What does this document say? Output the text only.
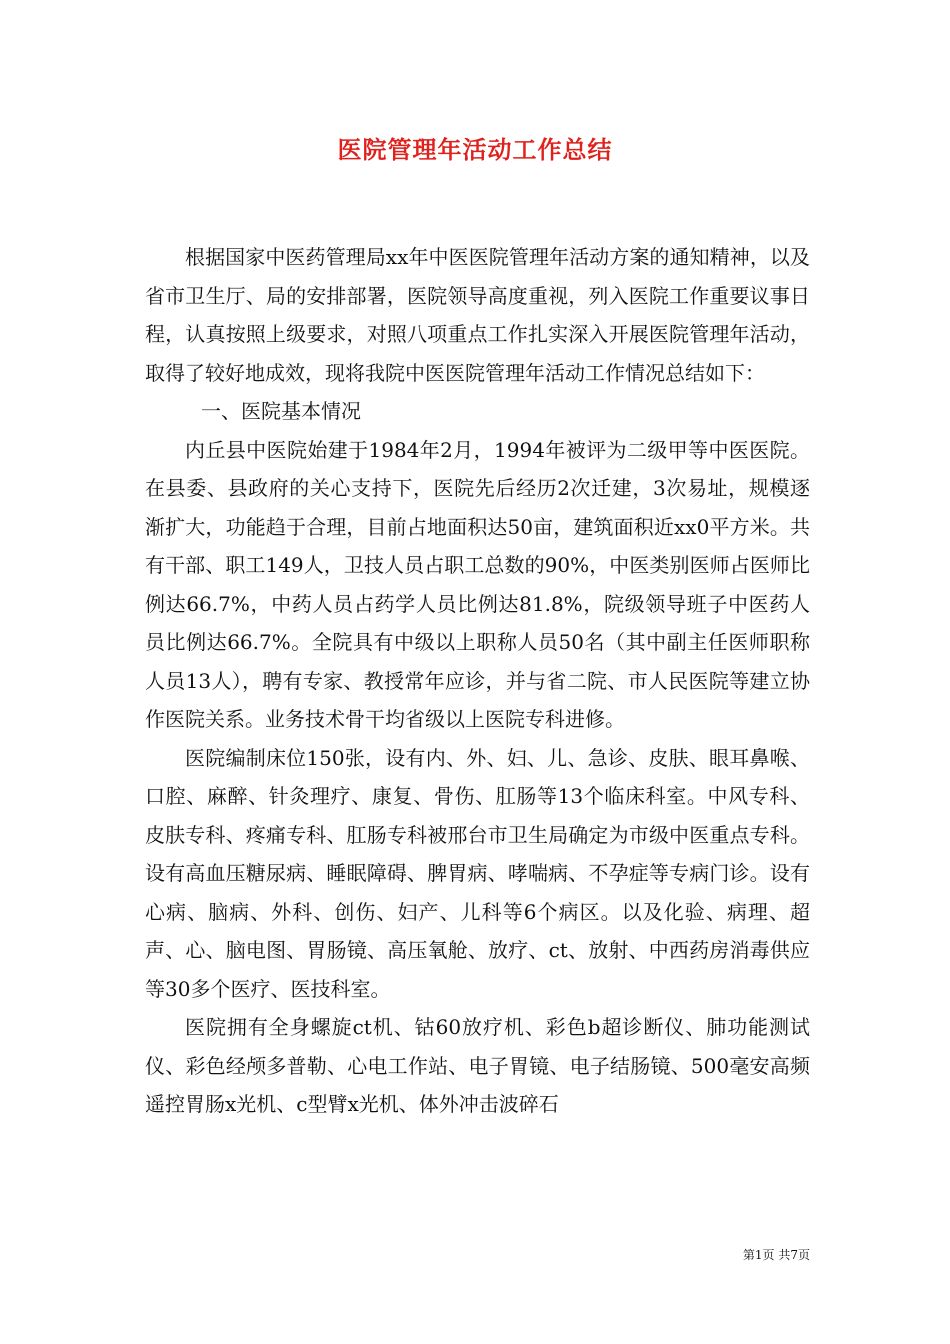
医院管理年活动工作总结

根据国家中医药管理局xx年中医医院管理年活动方案的通知精神，以及省市卫生厅、局的安排部署，医院领导高度重视，列入医院工作重要议事日程，认真按照上级要求，对照八项重点工作扎实深入开展医院管理年活动，取得了较好地成效，现将我院中医医院管理年活动工作情况总结如下：

一、医院基本情况

内丘县中医院始建于1984年2月，1994年被评为二级甲等中医医院。在县委、县政府的关心支持下，医院先后经历2次迁建，3次易址，规模逐渐扩大，功能趋于合理，目前占地面积达50亩，建筑面积近xx0平方米。共有干部、职工149人，卫技人员占职工总数的90%，中医类别医师占医师比例达66.7%，中药人员占药学人员比例达81.8%，院级领导班子中医药人员比例达66.7%。全院具有中级以上职称人员50名（其中副主任医师职称人员13人），聘有专家、教授常年应诊，并与省二院、市人民医院等建立协作医院关系。业务技术骨干均省级以上医院专科进修。

医院编制床位150张，设有内、外、妇、儿、急诊、皮肤、眼耳鼻喉、口腔、麻醉、针灸理疗、康复、骨伤、肛肠等13个临床科室。中风专科、皮肤专科、疼痛专科、肛肠专科被邢台市卫生局确定为市级中医重点专科。设有高血压糖尿病、睡眠障碍、脾胃病、哮喘病、不孕症等专病门诊。设有心病、脑病、外科、创伤、妇产、儿科等6个病区。以及化验、病理、超声、心、脑电图、胃肠镜、高压氧舱、放疗、ct、放射、中西药房消毒供应等30多个医疗、医技科室。

医院拥有全身螺旋ct机、钴60放疗机、彩色b超诊断仪、肺功能测试仪、彩色经颅多普勒、心电工作站、电子胃镜、电子结肠镜、500毫安高频遥控胃肠x光机、c型臂x光机、体外冲击波碎石

第1页 共7页
